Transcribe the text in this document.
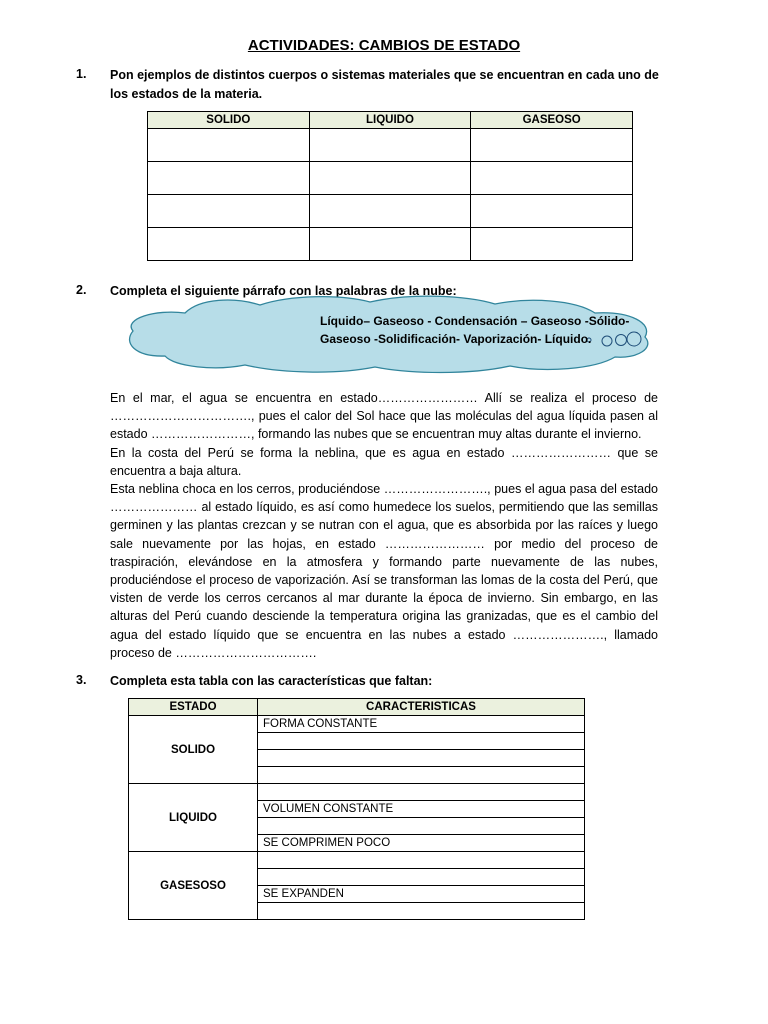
ACTIVIDADES: CAMBIOS DE ESTADO
1. Pon ejemplos de distintos cuerpos o sistemas materiales que se encuentran en cada uno de los estados de la materia.
SOLIDO	LIQUIDO	GASEOSO

2. Completa el siguiente párrafo con las palabras de la nube:
Líquido– Gaseoso - Condensación – Gaseoso -Sólido-
Gaseoso -Solidificación- Vaporización- Líquido.

En el mar, el agua se encuentra en estado…………………… Allí se realiza el proceso de ……………………………., pues el calor del Sol hace que las moléculas del agua líquida pasen al estado ……………………, formando las nubes que se encuentran muy altas durante el invierno.

En la costa del Perú se forma la neblina, que es agua en estado …………………… que se encuentra a baja altura.

Esta neblina choca en los cerros, produciéndose ……………………., pues el agua pasa del estado ………………… al estado líquido, es así como humedece los suelos, permitiendo que las semillas germinen y las plantas crezcan y se nutran con el agua, que es absorbida por las raíces y luego sale nuevamente por las hojas, en estado …………………… por medio del proceso de traspiración, elevándose en la atmosfera y formando parte nuevamente de las nubes, produciéndose el proceso de vaporización. Así se transforman las lomas de la costa del Perú, que visten de verde los cerros cercanos al mar durante la época de invierno. Sin embargo, en las alturas del Perú cuando desciende la temperatura origina las granizadas, que es el cambio del agua del estado líquido que se encuentra en las nubes a estado …………………., llamado proceso de …………………………….

3. Completa esta tabla con las características que faltan:
ESTADO	CARACTERISTICAS
SOLIDO	FORMA CONSTANTE

LIQUIDO	
	VOLUMEN CONSTANTE

	SE COMPRIMEN POCO
GASESOSO	

	SE EXPANDEN
